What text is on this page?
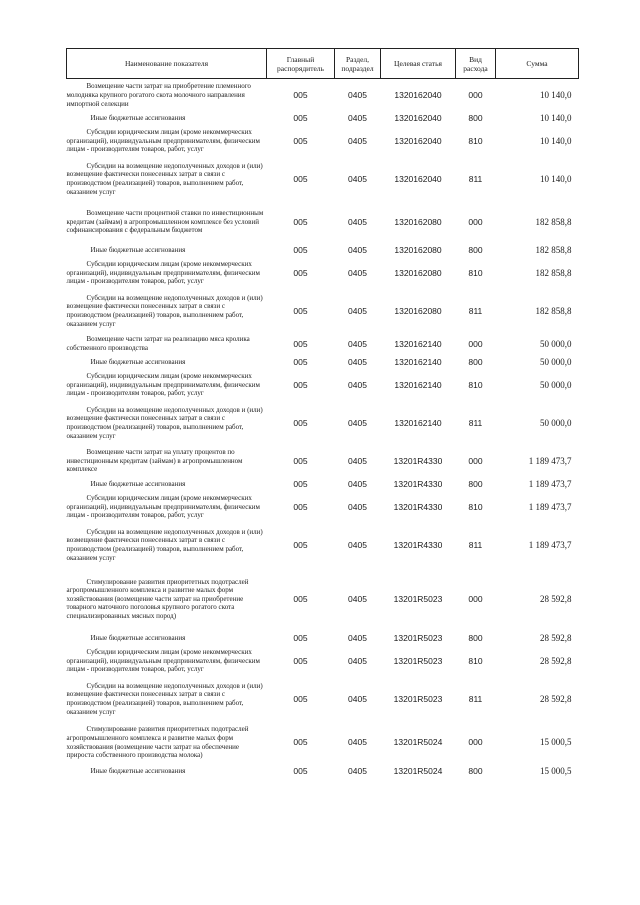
Наименование показателя	Главный распорядитель	Раздел, подраздел	Целевая статья	Вид расхода	Сумма
Возмещение части затрат на приобретение племенного молодняка крупного рогатого скота молочного направления импортной селекции	005	0405	1320162040	000	10 140,0
Иные бюджетные ассигнования	005	0405	1320162040	800	10 140,0
Субсидии юридическим лицам (кроме некоммерческих организаций), индивидуальным предпринимателям, физическим лицам - производителям товаров, работ, услуг	005	0405	1320162040	810	10 140,0
Субсидии на возмещение недополученных доходов и (или) возмещение фактически понесенных затрат в связи с производством (реализацией) товаров, выполнением работ, оказанием услуг	005	0405	1320162040	811	10 140,0
Возмещение части процентной ставки по инвестиционным кредитам (займам) в агропромышленном комплексе без условий софинансирования с федеральным бюджетом	005	0405	1320162080	000	182 858,8
Иные бюджетные ассигнования	005	0405	1320162080	800	182 858,8
Субсидии юридическим лицам (кроме некоммерческих организаций), индивидуальным предпринимателям, физическим лицам - производителям товаров, работ, услуг	005	0405	1320162080	810	182 858,8
Субсидии на возмещение недополученных доходов и (или) возмещение фактически понесенных затрат в связи с производством (реализацией) товаров, выполнением работ, оказанием услуг	005	0405	1320162080	811	182 858,8
Возмещение части затрат на реализацию мяса кролика собственного производства	005	0405	1320162140	000	50 000,0
Иные бюджетные ассигнования	005	0405	1320162140	800	50 000,0
Субсидии юридическим лицам (кроме некоммерческих организаций), индивидуальным предпринимателям, физическим лицам - производителям товаров, работ, услуг	005	0405	1320162140	810	50 000,0
Субсидии на возмещение недополученных доходов и (или) возмещение фактически понесенных затрат в связи с производством (реализацией) товаров, выполнением работ, оказанием услуг	005	0405	1320162140	811	50 000,0
Возмещение части затрат на уплату процентов по инвестиционным кредитам (займам) в агропромышленном комплексе	005	0405	13201R4330	000	1 189 473,7
Иные бюджетные ассигнования	005	0405	13201R4330	800	1 189 473,7
Субсидии юридическим лицам (кроме некоммерческих организаций), индивидуальным предпринимателям, физическим лицам - производителям товаров, работ, услуг	005	0405	13201R4330	810	1 189 473,7
Субсидии на возмещение недополученных доходов и (или) возмещение фактически понесенных затрат в связи с производством (реализацией) товаров, выполнением работ, оказанием услуг	005	0405	13201R4330	811	1 189 473,7
Стимулирование развития приоритетных подотраслей агропромышленного комплекса и развитие малых форм хозяйствования (возмещение части затрат на приобретение товарного маточного поголовья крупного рогатого скота специализированных мясных пород)	005	0405	13201R5023	000	28 592,8
Иные бюджетные ассигнования	005	0405	13201R5023	800	28 592,8
Субсидии юридическим лицам (кроме некоммерческих организаций), индивидуальным предпринимателям, физическим лицам - производителям товаров, работ, услуг	005	0405	13201R5023	810	28 592,8
Субсидии на возмещение недополученных доходов и (или) возмещение фактически понесенных затрат в связи с производством (реализацией) товаров, выполнением работ, оказанием услуг	005	0405	13201R5023	811	28 592,8
Стимулирование развития приоритетных подотраслей агропромышленного комплекса и развитие малых форм хозяйствования (возмещение части затрат на обеспечение прироста собственного производства молока)	005	0405	13201R5024	000	15 000,5
Иные бюджетные ассигнования	005	0405	13201R5024	800	15 000,5
